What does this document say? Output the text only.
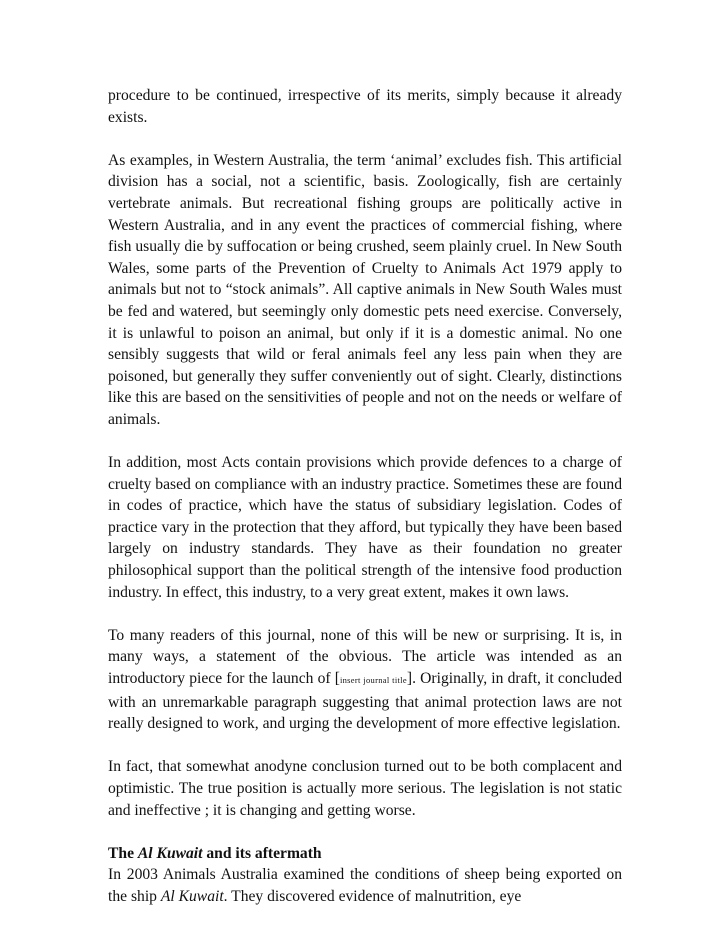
procedure to be continued, irrespective of its merits, simply because it already exists.

As examples, in Western Australia, the term ‘animal’ excludes fish. This artificial division has a social, not a scientific, basis. Zoologically, fish are certainly vertebrate animals. But recreational fishing groups are politically active in Western Australia, and in any event the practices of commercial fishing, where fish usually die by suffocation or being crushed, seem plainly cruel. In New South Wales, some parts of the Prevention of Cruelty to Animals Act 1979 apply to animals but not to “stock animals”. All captive animals in New South Wales must be fed and watered, but seemingly only domestic pets need exercise. Conversely, it is unlawful to poison an animal, but only if it is a domestic animal. No one sensibly suggests that wild or feral animals feel any less pain when they are poisoned, but generally they suffer conveniently out of sight. Clearly, distinctions like this are based on the sensitivities of people and not on the needs or welfare of animals.

In addition, most Acts contain provisions which provide defences to a charge of cruelty based on compliance with an industry practice. Sometimes these are found in codes of practice, which have the status of subsidiary legislation. Codes of practice vary in the protection that they afford, but typically they have been based largely on industry standards. They have as their foundation no greater philosophical support than the political strength of the intensive food production industry. In effect, this industry, to a very great extent, makes it own laws.

To many readers of this journal, none of this will be new or surprising. It is, in many ways, a statement of the obvious. The article was intended as an introductory piece for the launch of [insert journal title]. Originally, in draft, it concluded with an unremarkable paragraph suggesting that animal protection laws are not really designed to work, and urging the development of more effective legislation.

In fact, that somewhat anodyne conclusion turned out to be both complacent and optimistic. The true position is actually more serious. The legislation is not static and ineffective ; it is changing and getting worse.

The Al Kuwait and its aftermath

In 2003 Animals Australia examined the conditions of sheep being exported on the ship Al Kuwait. They discovered evidence of malnutrition, eye
